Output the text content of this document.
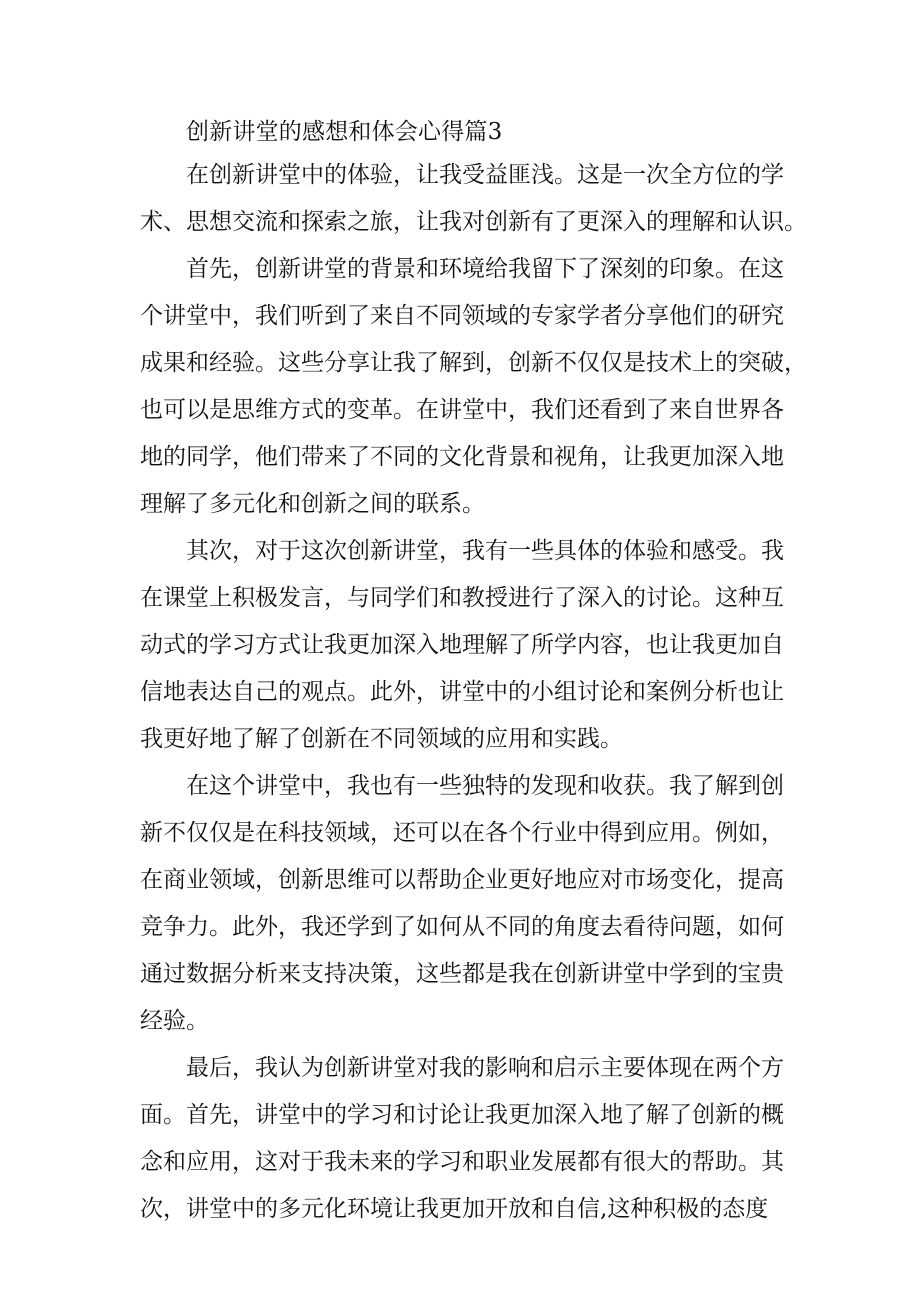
创新讲堂的感想和体会心得篇3
在创新讲堂中的体验，让我受益匪浅。这是一次全方位的学
术、思想交流和探索之旅，让我对创新有了更深入的理解和认识。
首先，创新讲堂的背景和环境给我留下了深刻的印象。在这
个讲堂中，我们听到了来自不同领域的专家学者分享他们的研究
成果和经验。这些分享让我了解到，创新不仅仅是技术上的突破，
也可以是思维方式的变革。在讲堂中，我们还看到了来自世界各
地的同学，他们带来了不同的文化背景和视角，让我更加深入地
理解了多元化和创新之间的联系。
其次，对于这次创新讲堂，我有一些具体的体验和感受。我
在课堂上积极发言，与同学们和教授进行了深入的讨论。这种互
动式的学习方式让我更加深入地理解了所学内容，也让我更加自
信地表达自己的观点。此外，讲堂中的小组讨论和案例分析也让
我更好地了解了创新在不同领域的应用和实践。
在这个讲堂中，我也有一些独特的发现和收获。我了解到创
新不仅仅是在科技领域，还可以在各个行业中得到应用。例如，
在商业领域，创新思维可以帮助企业更好地应对市场变化，提高
竞争力。此外，我还学到了如何从不同的角度去看待问题，如何
通过数据分析来支持决策，这些都是我在创新讲堂中学到的宝贵
经验。
最后，我认为创新讲堂对我的影响和启示主要体现在两个方
面。首先，讲堂中的学习和讨论让我更加深入地了解了创新的概
念和应用，这对于我未来的学习和职业发展都有很大的帮助。其
次，讲堂中的多元化环境让我更加开放和自信,这种积极的态度
